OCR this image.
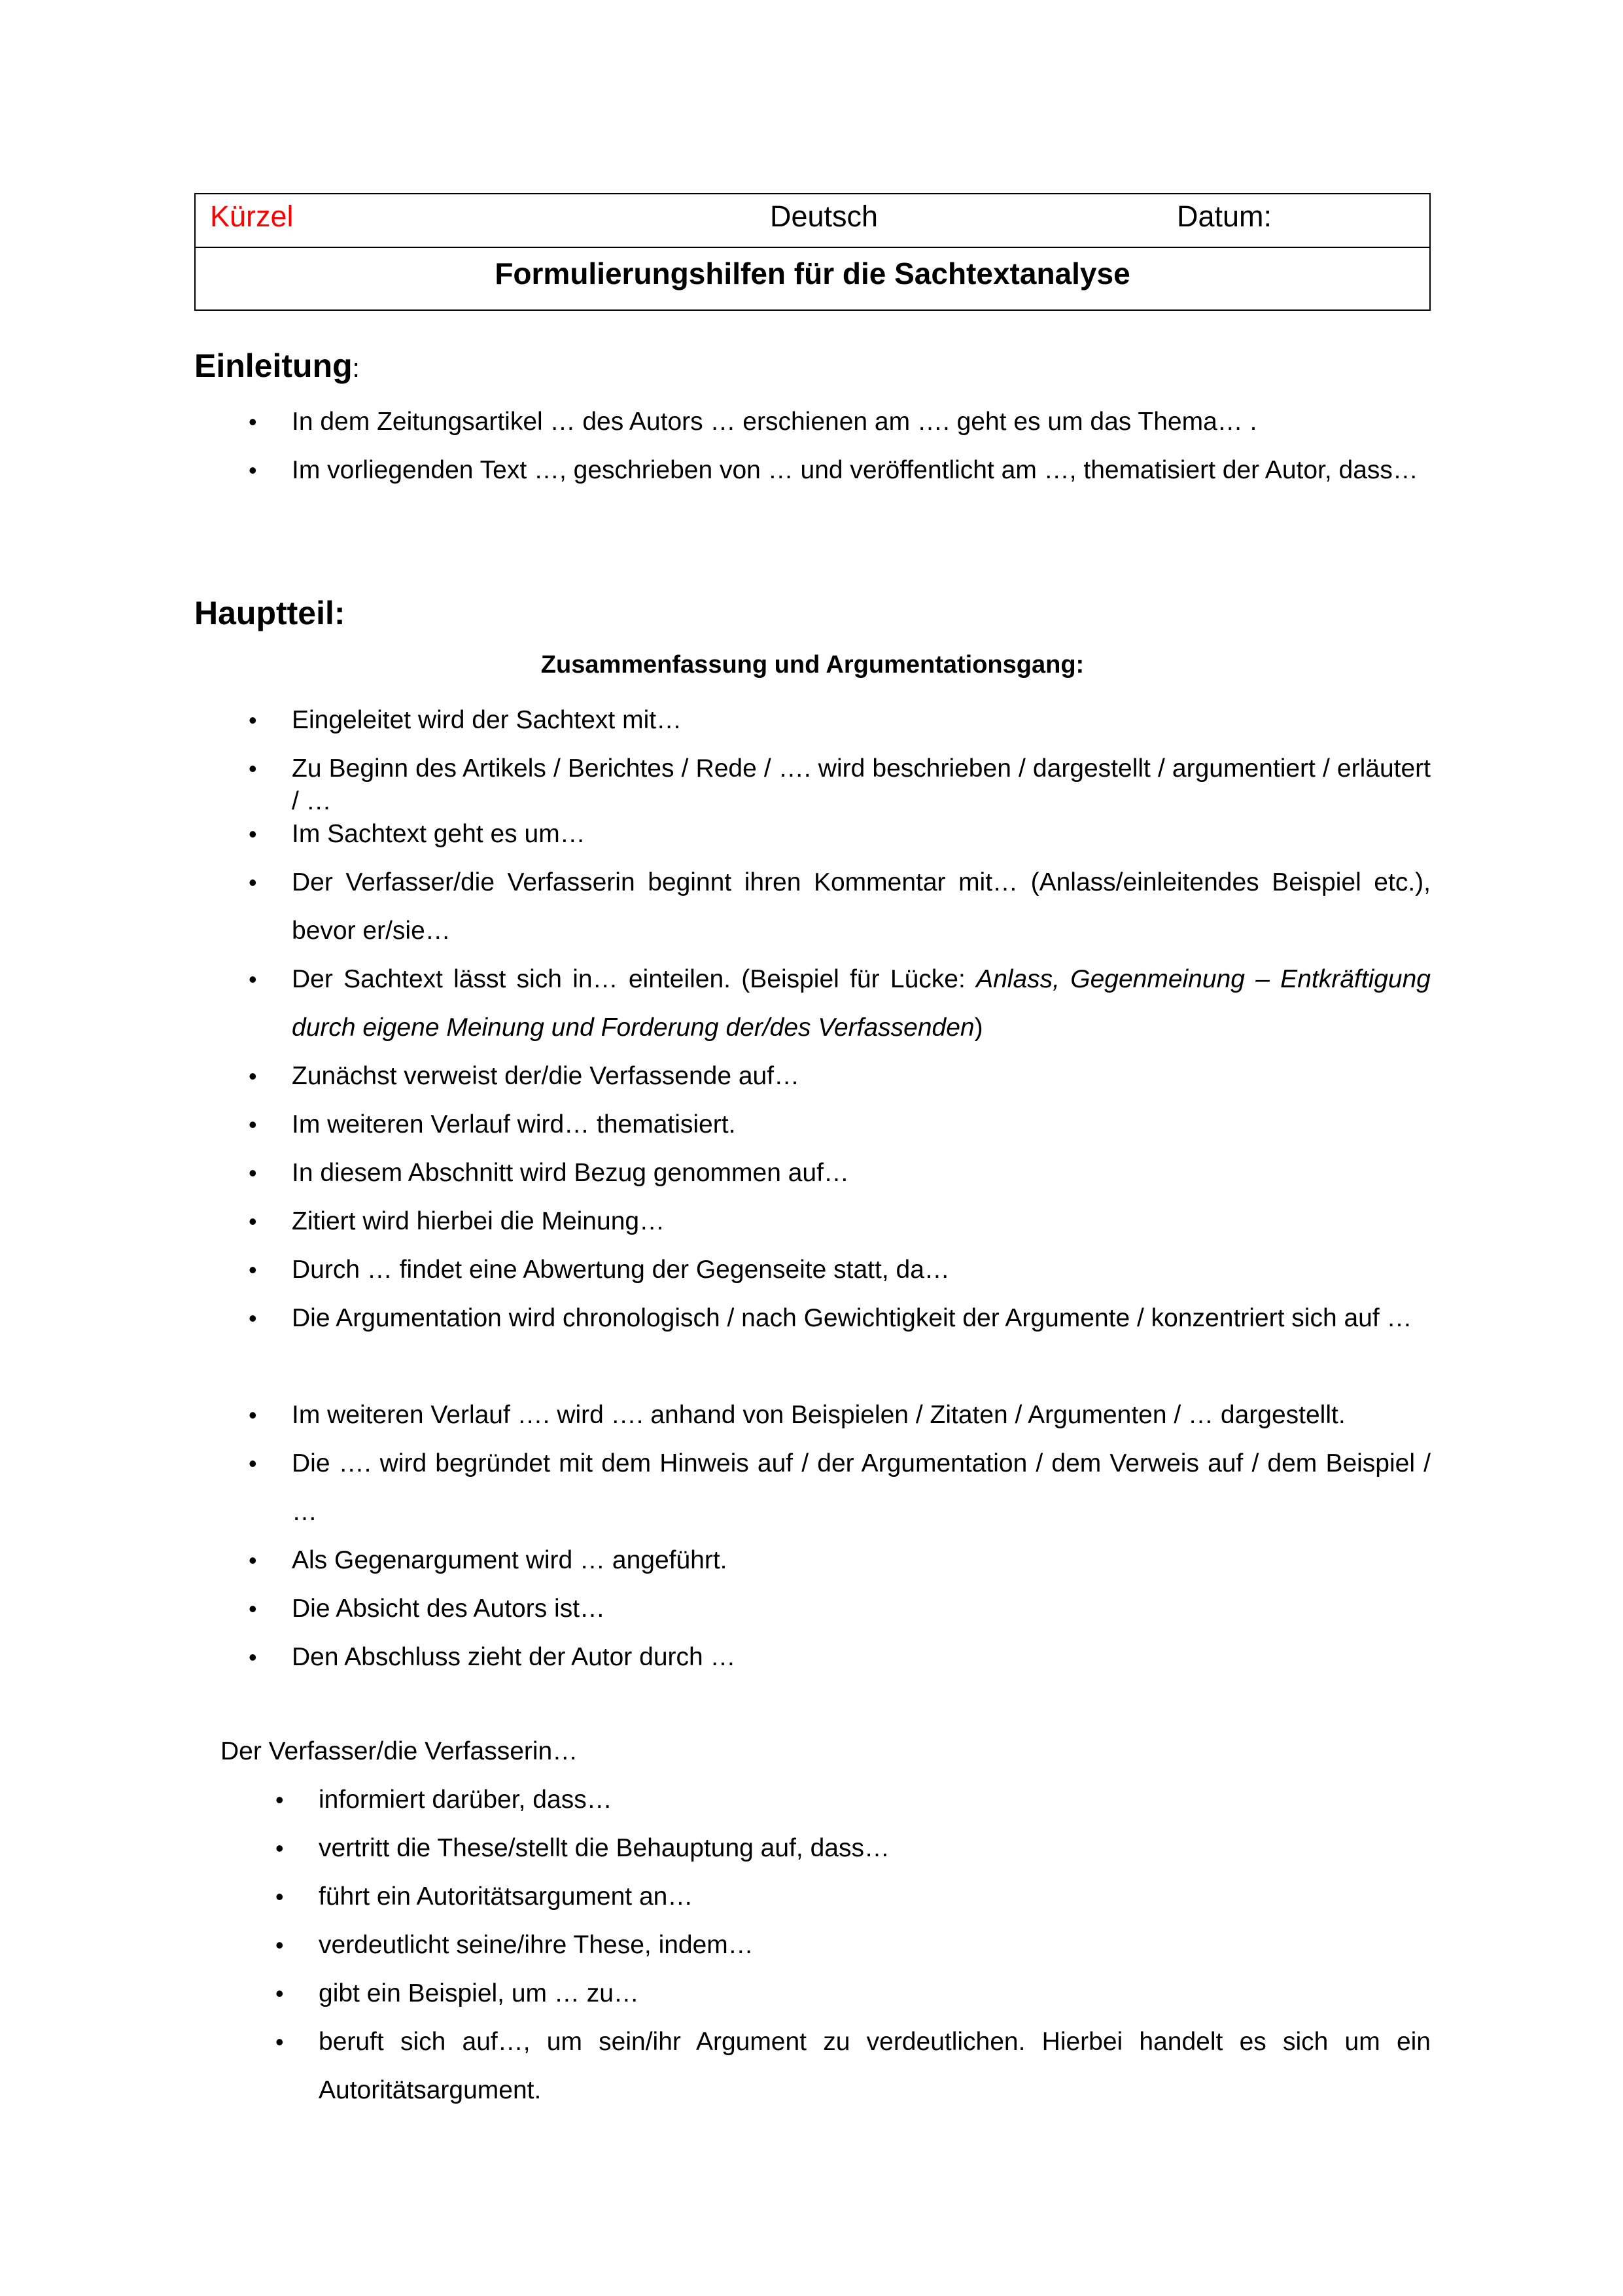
Kürzel	Deutsch	Datum:
Formulierungshilfen für die Sachtextanalyse
Einleitung:
• In dem Zeitungsartikel … des Autors … erschienen am …. geht es um das Thema… .
• Im vorliegenden Text …, geschrieben von … und veröffentlicht am …, thematisiert der Autor, dass…
Hauptteil:
Zusammenfassung und Argumentationsgang:
• Eingeleitet wird der Sachtext mit…
• Zu Beginn des Artikels / Berichtes / Rede / …. wird beschrieben / dargestellt / argumentiert / erläutert / …
• Im Sachtext geht es um…
• Der Verfasser/die Verfasserin beginnt ihren Kommentar mit… (Anlass/einleitendes Beispiel etc.), bevor er/sie…
• Der Sachtext lässt sich in… einteilen. (Beispiel für Lücke: Anlass, Gegenmeinung – Entkräftigung durch eigene Meinung und Forderung der/des Verfassenden)
• Zunächst verweist der/die Verfassende auf…
• Im weiteren Verlauf wird… thematisiert.
• In diesem Abschnitt wird Bezug genommen auf…
• Zitiert wird hierbei die Meinung…
• Durch … findet eine Abwertung der Gegenseite statt, da…
• Die Argumentation wird chronologisch / nach Gewichtigkeit der Argumente / konzentriert sich auf …
• Im weiteren Verlauf …. wird …. anhand von Beispielen / Zitaten / Argumenten / … dargestellt.
• Die …. wird begründet mit dem Hinweis auf / der Argumentation / dem Verweis auf / dem Beispiel / …
• Als Gegenargument wird … angeführt.
• Die Absicht des Autors ist…
• Den Abschluss zieht der Autor durch …
Der Verfasser/die Verfasserin…
• informiert darüber, dass…
• vertritt die These/stellt die Behauptung auf, dass…
• führt ein Autoritätsargument an…
• verdeutlicht seine/ihre These, indem…
• gibt ein Beispiel, um … zu…
• beruft sich auf…, um sein/ihr Argument zu verdeutlichen. Hierbei handelt es sich um ein Autoritätsargument.
